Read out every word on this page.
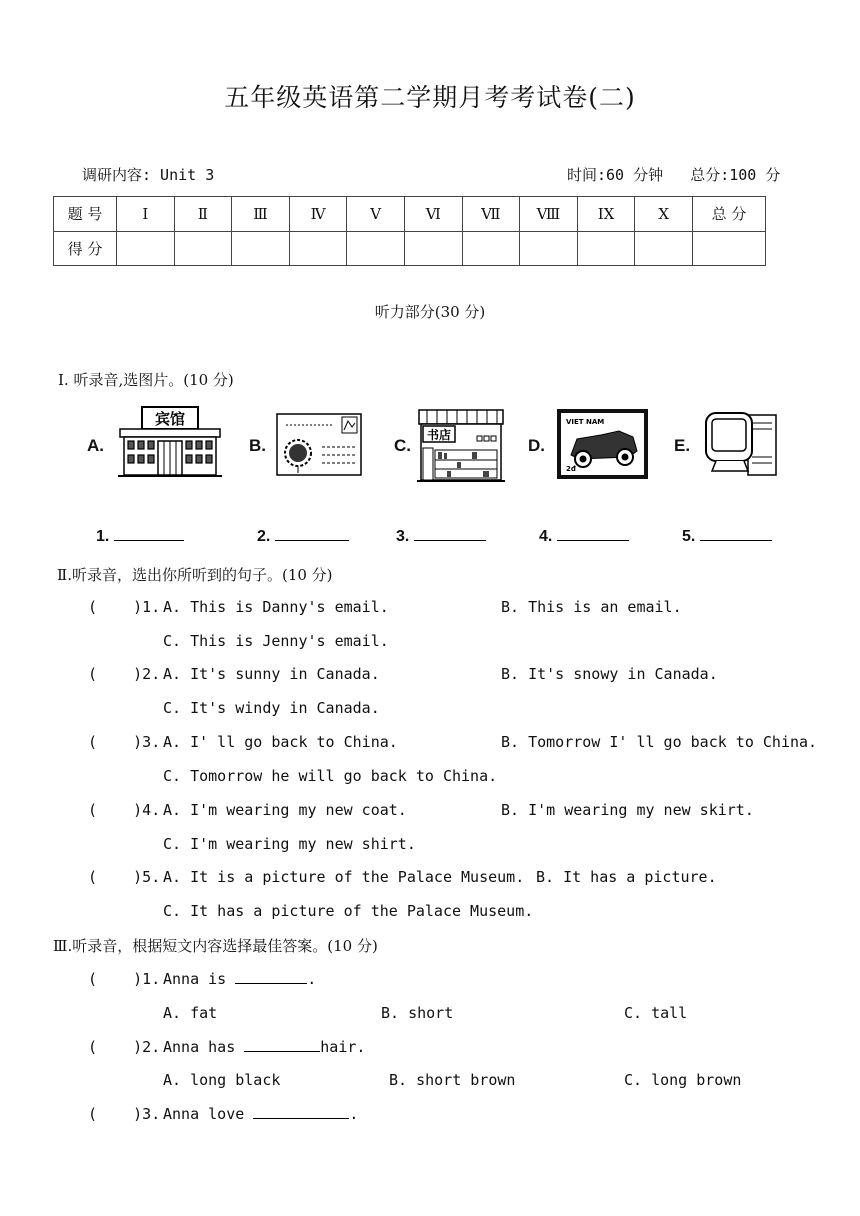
五年级英语第二学期月考考试卷(二)
调研内容: Unit 3	时间:60 分钟   总分:100 分
题 号	Ⅰ	Ⅱ	Ⅲ	Ⅳ	Ⅴ	Ⅵ	Ⅶ	Ⅷ	ⅠX	Ⅹ	总 分
得 分											
听力部分(30 分)
Ⅰ. 听录音,选图片。(10 分)
A.	B.	C.	D.	E.
宾馆
书店
VIET NAM
2đ
1.	2.	3.	4.	5.
Ⅱ.听录音，选出你所听到的句子。(10 分)
(    )1. A. This is Danny's email.	B. This is an email.
C. This is Jenny's email.
(    )2. A. It's sunny in Canada.	B. It's snowy in Canada.
C. It's windy in Canada.
(    )3. A. I' ll go back to China.	B. Tomorrow I' ll go back to China.
C. Tomorrow he will go back to China.
(    )4. A. I'm wearing my new coat.	B. I'm wearing my new skirt.
C. I'm wearing my new shirt.
(    )5. A. It is a picture of the Palace Museum. B. It has a picture.
C. It has a picture of the Palace Museum.
Ⅲ.听录音，根据短文内容选择最佳答案。(10 分)
(    )1. Anna is	.
A. fat	B. short	C. tall
(    )2. Anna has	hair.
A. long black	B. short brown	C. long brown
(    )3. Anna love	.
